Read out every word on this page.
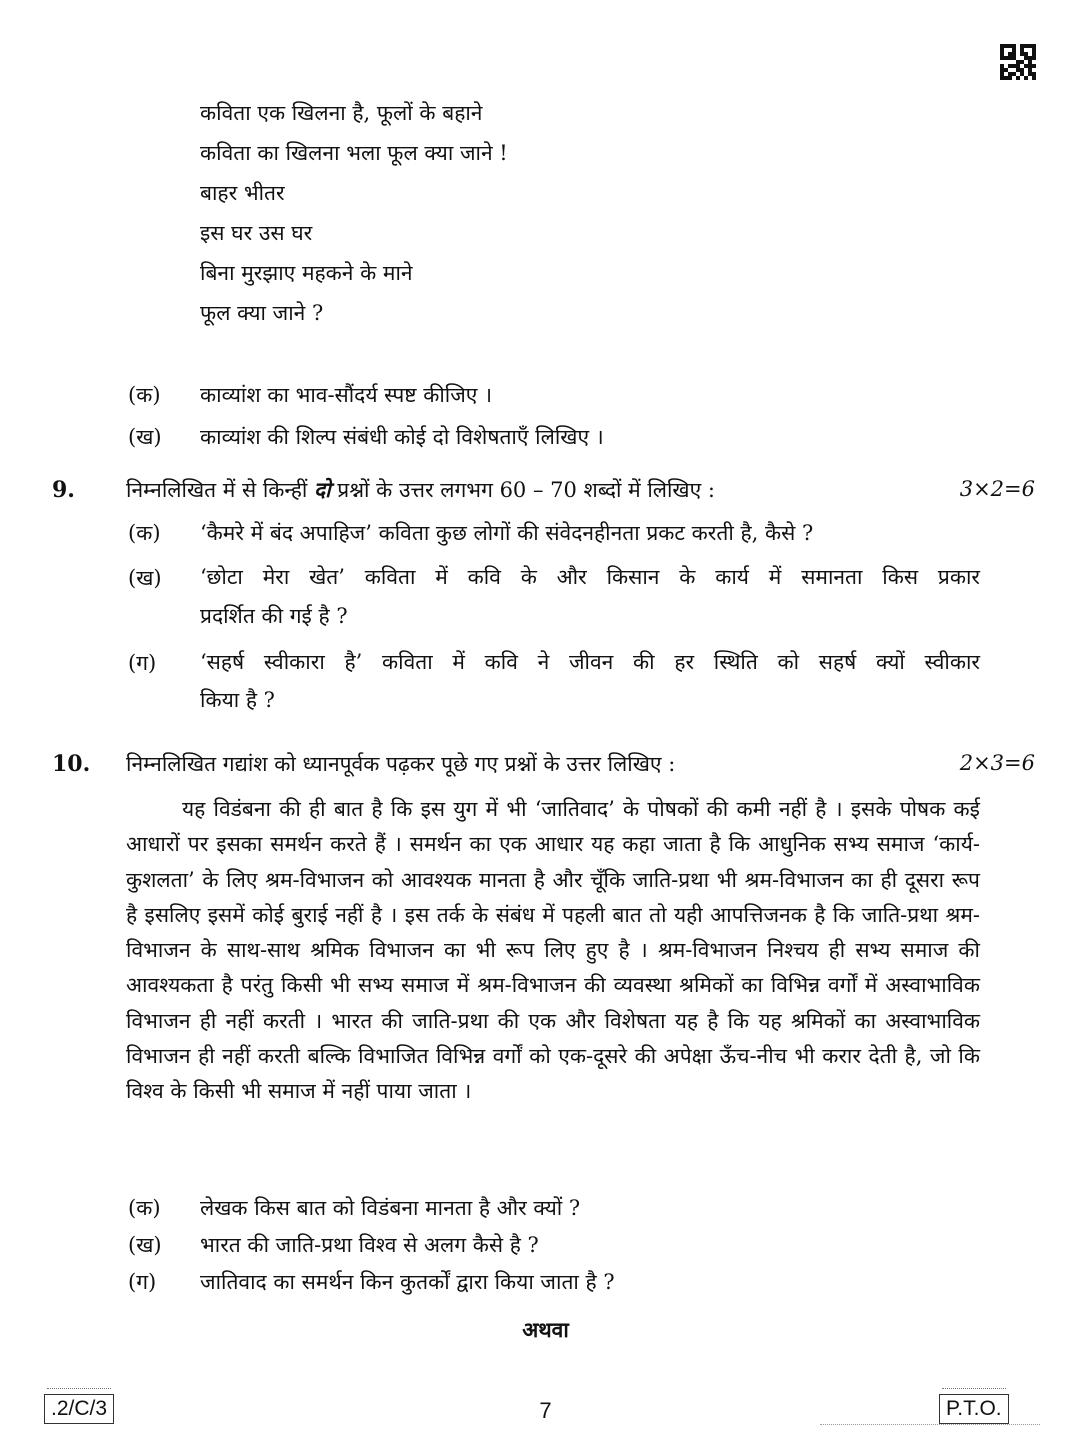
कविता एक खिलना है, फूलों के बहाने
कविता का खिलना भला फूल क्या जाने !
बाहर भीतर
इस घर उस घर
बिना मुरझाए महकने के माने
फूल क्या जाने ?
(क) काव्यांश का भाव-सौंदर्य स्पष्ट कीजिए ।
(ख) काव्यांश की शिल्प संबंधी कोई दो विशेषताएँ लिखिए ।
9. निम्नलिखित में से किन्हीं दो प्रश्नों के उत्तर लगभग 60 – 70 शब्दों में लिखिए :	3×2=6
(क) ‘कैमरे में बंद अपाहिज’ कविता कुछ लोगों की संवेदनहीनता प्रकट करती है, कैसे ?
(ख) ‘छोटा मेरा खेत’ कविता में कवि के और किसान के कार्य में समानता किस प्रकार
प्रदर्शित की गई है ?
(ग) ‘सहर्ष स्वीकारा है’ कविता में कवि ने जीवन की हर स्थिति को सहर्ष क्यों स्वीकार
किया है ?
10. निम्नलिखित गद्यांश को ध्यानपूर्वक पढ़कर पूछे गए प्रश्नों के उत्तर लिखिए :	2×3=6
यह विडंबना की ही बात है कि इस युग में भी ‘जातिवाद’ के पोषकों की कमी नहीं है । इसके पोषक कई आधारों पर इसका समर्थन करते हैं । समर्थन का एक आधार यह कहा जाता है कि आधुनिक सभ्य समाज ‘कार्य-कुशलता’ के लिए श्रम-विभाजन को आवश्यक मानता है और चूँकि जाति-प्रथा भी श्रम-विभाजन का ही दूसरा रूप है इसलिए इसमें कोई बुराई नहीं है । इस तर्क के संबंध में पहली बात तो यही आपत्तिजनक है कि जाति-प्रथा श्रम-विभाजन के साथ-साथ श्रमिक विभाजन का भी रूप लिए हुए है । श्रम-विभाजन निश्चय ही सभ्य समाज की आवश्यकता है परंतु किसी भी सभ्य समाज में श्रम-विभाजन की व्यवस्था श्रमिकों का विभिन्न वर्गों में अस्वाभाविक विभाजन ही नहीं करती । भारत की जाति-प्रथा की एक और विशेषता यह है कि यह श्रमिकों का अस्वाभाविक विभाजन ही नहीं करती बल्कि विभाजित विभिन्न वर्गों को एक-दूसरे की अपेक्षा ऊँच-नीच भी करार देती है, जो कि विश्व के किसी भी समाज में नहीं पाया जाता ।
(क) लेखक किस बात को विडंबना मानता है और क्यों ?
(ख) भारत की जाति-प्रथा विश्व से अलग कैसे है ?
(ग) जातिवाद का समर्थन किन कुतर्कों द्वारा किया जाता है ?
अथवा
.2/C/3	7	P.T.O.
